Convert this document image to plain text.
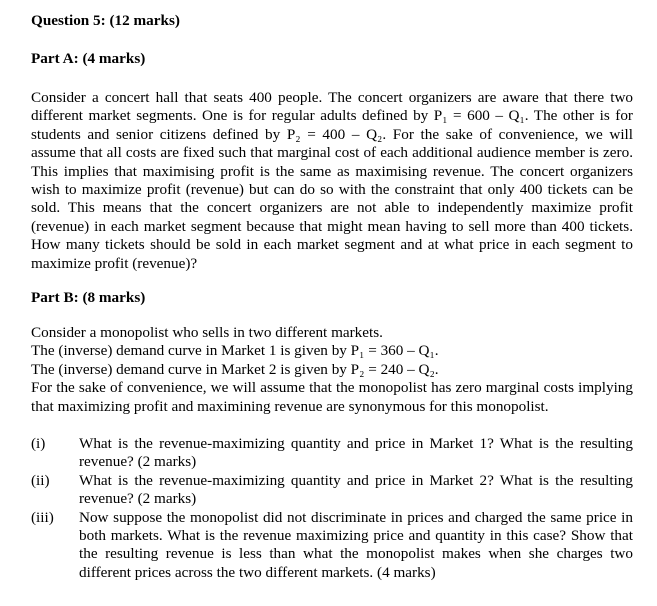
Question 5: (12 marks)
Part A: (4 marks)

Consider a concert hall that seats 400 people. The concert organizers are aware that there two different market segments. One is for regular adults defined by P₁ = 600 – Q₁. The other is for students and senior citizens defined by P₂ = 400 – Q₂. For the sake of convenience, we will assume that all costs are fixed such that marginal cost of each additional audience member is zero. This implies that maximising profit is the same as maximising revenue. The concert organizers wish to maximize profit (revenue) but can do so with the constraint that only 400 tickets can be sold. This means that the concert organizers are not able to independently maximize profit (revenue) in each market segment because that might mean having to sell more than 400 tickets. How many tickets should be sold in each market segment and at what price in each segment to maximize profit (revenue)?

Part B: (8 marks)
Consider a monopolist who sells in two different markets.
The (inverse) demand curve in Market 1 is given by P₁ = 360 – Q₁.
The (inverse) demand curve in Market 2 is given by P₂ = 240 – Q₂.
For the sake of convenience, we will assume that the monopolist has zero marginal costs implying that maximizing profit and maximining revenue are synonymous for this monopolist.
(i) What is the revenue-maximizing quantity and price in Market 1? What is the resulting revenue? (2 marks)
(ii) What is the revenue-maximizing quantity and price in Market 2? What is the resulting revenue? (2 marks)
(iii) Now suppose the monopolist did not discriminate in prices and charged the same price in both markets. What is the revenue maximizing price and quantity in this case? Show that the resulting revenue is less than what the monopolist makes when she charges two different prices across the two different markets. (4 marks)
